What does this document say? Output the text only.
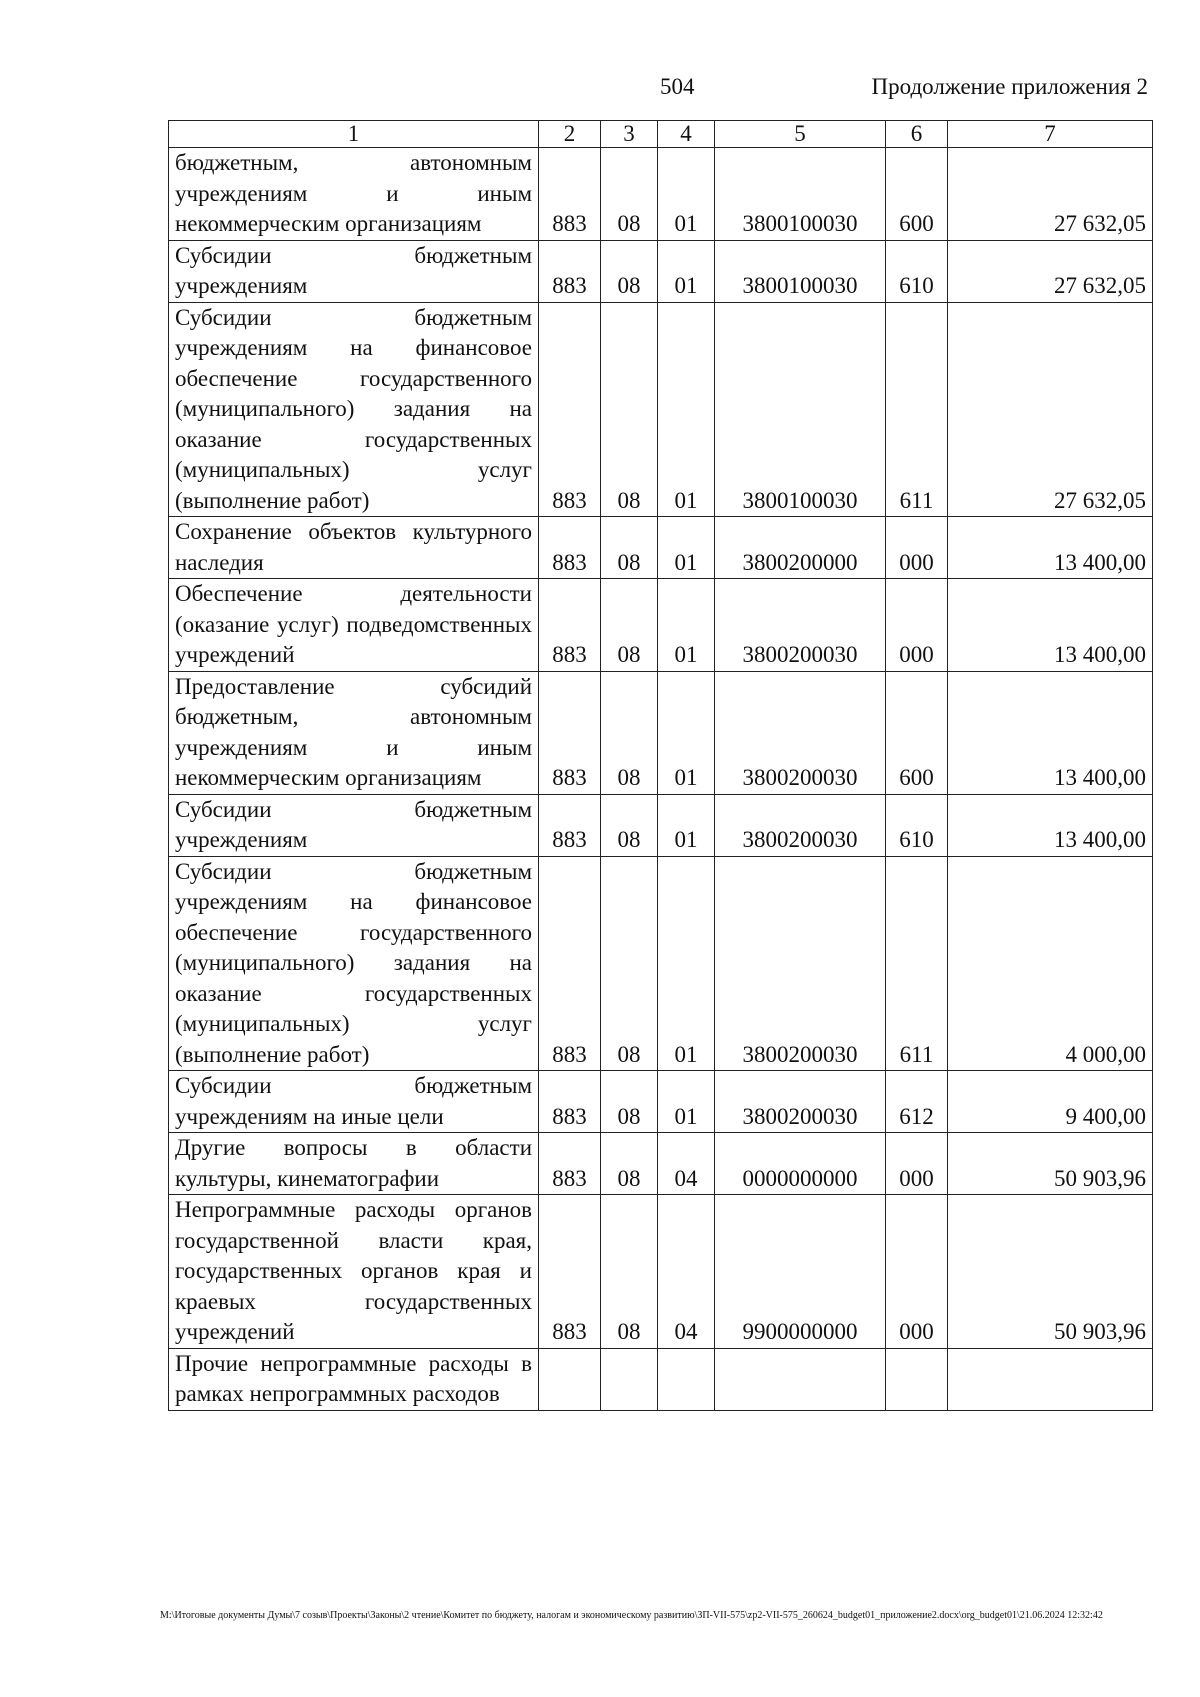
504	Продолжение приложения 2
1	2	3	4	5	6	7
бюджетным, автономным учреждениям и иным некоммерческим организациям	883	08	01	3800100030	600	27 632,05
Субсидии бюджетным учреждениям	883	08	01	3800100030	610	27 632,05
Субсидии бюджетным учреждениям на финансовое обеспечение государственного (муниципального) задания на оказание государственных (муниципальных) услуг (выполнение работ)	883	08	01	3800100030	611	27 632,05
Сохранение объектов культурного наследия	883	08	01	3800200000	000	13 400,00
Обеспечение деятельности (оказание услуг) подведомственных учреждений	883	08	01	3800200030	000	13 400,00
Предоставление субсидий бюджетным, автономным учреждениям и иным некоммерческим организациям	883	08	01	3800200030	600	13 400,00
Субсидии бюджетным учреждениям	883	08	01	3800200030	610	13 400,00
Субсидии бюджетным учреждениям на финансовое обеспечение государственного (муниципального) задания на оказание государственных (муниципальных) услуг (выполнение работ)	883	08	01	3800200030	611	4 000,00
Субсидии бюджетным учреждениям на иные цели	883	08	01	3800200030	612	9 400,00
Другие вопросы в области культуры, кинематографии	883	08	04	0000000000	000	50 903,96
Непрограммные расходы органов государственной власти края, государственных органов края и краевых государственных учреждений	883	08	04	9900000000	000	50 903,96
Прочие непрограммные расходы в рамках непрограммных расходов						
M:\Итоговые документы Думы\7 созыв\Проекты\Законы\2 чтение\Комитет по бюджету, налогам и экономическому развитию\ЗП-VII-575\zp2-VII-575_260624_budget01_приложение2.docx\org_budget01\21.06.2024 12:32:42
